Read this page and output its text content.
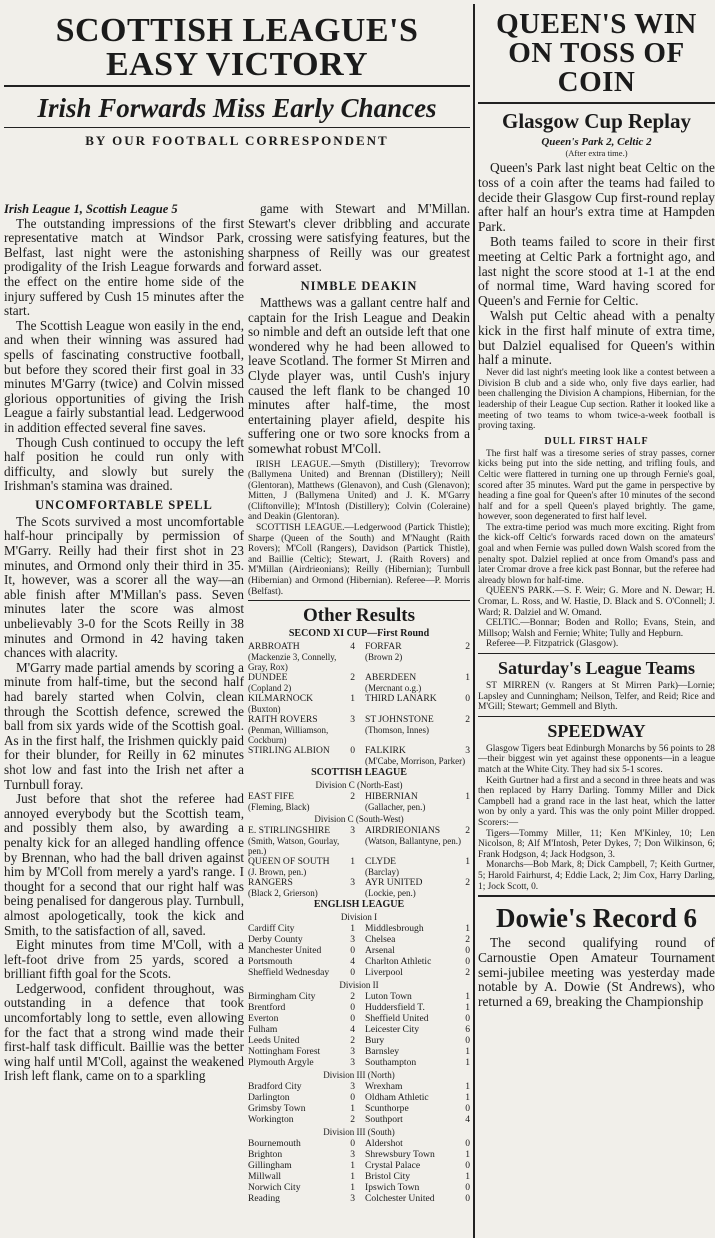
SCOTTISH LEAGUE'S EASY VICTORY
Irish Forwards Miss Early Chances
BY OUR FOOTBALL CORRESPONDENT

Irish League 1, Scottish League 5

The outstanding impressions of the first representative match at Windsor Park, Belfast, last night were the astonishing prodigality of the Irish League forwards and the effect on the entire home side of the injury suffered by Cush 15 minutes after the start.

The Scottish League won easily in the end, and when their winning was assured had spells of fascinating constructive football, but before they scored their first goal in 33 minutes M'Garry (twice) and Colvin missed glorious opportunities of giving the Irish League a fairly substantial lead. Ledgerwood in addition effected several fine saves.

Though Cush continued to occupy the left half position he could run only with difficulty, and slowly but surely the Irishman's stamina was drained.

UNCOMFORTABLE SPELL

The Scots survived a most uncomfortable half-hour principally by permission of M'Garry. Reilly had their first shot in 23 minutes, and Ormond only their third in 35. It, however, was a scorer all the way—an able finish after M'Millan's pass. Seven minutes later the score was almost unbelievably 3-0 for the Scots Reilly in 38 minutes and Ormond in 42 having taken chances with alacrity.

M'Garry made partial amends by scoring a minute from half-time, but the second half had barely started when Colvin, clean through the Scottish defence, screwed the ball from six yards wide of the Scottish goal. As in the first half, the Irishmen quickly paid for their blunder, for Reilly in 62 minutes shot low and fast into the Irish net after a Turnbull foray.

Just before that shot the referee had annoyed everybody but the Scottish team, and possibly them also, by awarding a penalty kick for an alleged handling offence by Brennan, who had the ball driven against him by M'Coll from merely a yard's range. I thought for a second that our right half was being penalised for dangerous play. Turnbull, almost apologetically, took the kick and Smith, to the satisfaction of all, saved.

Eight minutes from time M'Coll, with a left-foot drive from 25 yards, scored a brilliant fifth goal for the Scots.

Ledgerwood, confident throughout, was outstanding in a defence that took uncomfortably long to settle, even allowing for the fact that a strong wind made their first-half task difficult. Baillie was the better wing half until M'Coll, against the weakened Irish left flank, came on to a sparkling

game with Stewart and M'Millan. Stewart's clever dribbling and accurate crossing were satisfying features, but the sharpness of Reilly was our greatest forward asset.

NIMBLE DEAKIN

Matthews was a gallant centre half and captain for the Irish League and Deakin so nimble and deft an outside left that one wondered why he had been allowed to leave Scotland. The former St Mirren and Clyde player was, until Cush's injury caused the left flank to be changed 10 minutes after half-time, the most entertaining player afield, despite his suffering one or two sore knocks from a somewhat robust M'Coll.

IRISH LEAGUE.—Smyth (Distillery); Trevorrow (Ballymena United) and Brennan (Distillery); Neill (Glentoran), Matthews (Glenavon), and Cush (Glenavon); Mitten, J (Ballymena United) and J. K. M'Garry (Cliftonville); M'Intosh (Distillery); Colvin (Coleraine) and Deakin (Glentoran).

SCOTTISH LEAGUE.—Ledgerwood (Partick Thistle); Sharpe (Queen of the South) and M'Naught (Raith Rovers); M'Coll (Rangers), Davidson (Partick Thistle), and Baillie (Celtic); Stewart, J. (Raith Rovers) and M'Millan (Airdrieonians); Reilly (Hibernian); Turnbull (Hibernian) and Ormond (Hibernian). Referee—P. Morris (Belfast).

Other Results
SECOND XI CUP—First Round
ARBROATH	4 FORFAR	2
(Mackenzie 3, Connelly, Gray, Rox)
(Brown 2)
DUNDEE	2 ABERDEEN	1
(Copland 2)	(Mercnant o.g.)
KILMARNOCK	1 THIRD LANARK	0
(Buxton)
RAITH ROVERS	3 ST JOHNSTONE	2
(Penman, Williamson, Cockburn)
(Thomson, Innes)
STIRLING ALBION 0 FALKIRK	3
(M'Cabe, Morrison, Parker)
SCOTTISH LEAGUE
Division C (North-East)
EAST FIFE	2 HIBERNIAN	1
(Fleming, Black)	(Gallacher, pen.)
Division C (South-West)
E. STIRLINGSHIRE 3 AIRDRIEONIANS	2
(Smith, Watson, Gourlay, pen.)
(Watson, Ballantyne, pen.)
QUEEN OF SOUTH 1 CLYDE	1
(J. Brown, pen.)	(Barclay)
RANGERS	3 AYR UNITED	2
(Black 2, Grierson)	(Lockie, pen.)
ENGLISH LEAGUE
Division I
Cardiff City	1 Middlesbrough	1
Derby County	3 Chelsea	2
Manchester United	0 Arsenal	0
Portsmouth	4 Charlton Athletic	0
Sheffield Wednesday 0 Liverpool	2
Division II
Birmingham City	2 Luton Town	1
Brentford	0 Huddersfield T.	1
Everton	0 Sheffield United	0
Fulham	4 Leicester City	6
Leeds United	2 Bury	0
Nottingham Forest	3 Barnsley	1
Plymouth Argyle	3 Southampton	1
Division III (North)
Bradford City	3 Wrexham	1
Darlington	0 Oldham Athletic	1
Grimsby Town	1 Scunthorpe	0
Workington	2 Southport	4
Division III (South)
Bournemouth	0 Aldershot	0
Brighton	3 Shrewsbury Town	1
Gillingham	1 Crystal Palace	0
Millwall	1 Bristol City	1
Norwich City	1 Ipswich Town	0
Reading	3 Colchester United	0
QUEEN'S WIN ON TOSS OF COIN
Glasgow Cup Replay
Queen's Park 2, Celtic 2
(After extra time.)

Queen's Park last night beat Celtic on the toss of a coin after the teams had failed to decide their Glasgow Cup first-round replay after half an hour's extra time at Hampden Park.

Both teams failed to score in their first meeting at Celtic Park a fortnight ago, and last night the score stood at 1-1 at the end of normal time, Ward having scored for Queen's and Fernie for Celtic.

Walsh put Celtic ahead with a penalty kick in the first half minute of extra time, but Dalziel equalised for Queen's within half a minute.

Never did last night's meeting look like a contest between a Division B club and a side who, only five days earlier, had been challenging the Division A champions, Hibernian, for the leadership of their League Cup section. Rather it looked like a meeting of two teams to whom twice-a-week football is proving taxing.

DULL FIRST HALF

The first half was a tiresome series of stray passes, corner kicks being put into the side netting, and trifling fouls, and Celtic were flattered in turning one up through Fernie's goal, scored after 35 minutes. Ward put the game in perspective by heading a fine goal for Queen's after 10 minutes of the second half and for a spell Queen's played brightly. The game, however, soon degenerated to first half level.

The extra-time period was much more exciting. Right from the kick-off Celtic's forwards raced down on the amateurs' goal and when Fernie was pulled down Walsh scored from the penalty spot. Dalziel replied at once from Omand's pass and later Cromar drove a free kick past Bonnar, but the referee had already blown for half-time.

QUEEN'S PARK.—S. F. Weir; G. More and N. Dewar; H. Cromar, L. Ross, and W. Hastie, D. Black and S. O'Connell; J. Ward; R. Dalziel and W. Omand.

CELTIC.—Bonnar; Boden and Rollo; Evans, Stein, and Millsop; Walsh and Fernie; White; Tully and Hepburn.

Referee—P. Fitzpatrick (Glasgow).

Saturday's League Teams

ST MIRREN (v. Rangers at St Mirren Park)—Lornie; Lapsley and Cunningham; Neilson, Telfer, and Reid; Rice and M'Gill; Stewart; Gemmell and Blyth.

SPEEDWAY

Glasgow Tigers beat Edinburgh Monarchs by 56 points to 28—their biggest win yet against these opponents—in a league match at the White City. They had six 5-1 scores.

Keith Gurtner had a first and a second in three heats and was then replaced by Harry Darling. Tommy Miller and Dick Campbell had a grand race in the last heat, which the latter won by only a yard. This was the only point Miller dropped. Scorers:—

Tigers—Tommy Miller, 11; Ken M'Kinley, 10; Len Nicolson, 8; Alf M'Intosh, Peter Dykes, 7; Don Wilkinson, 6; Frank Hodgson, 4; Jack Hodgson, 3.

Monarchs—Bob Mark, 8; Dick Campbell, 7; Keith Gurtner, 5; Harold Fairhurst, 4; Eddie Lack, 2; Jim Cox, Harry Darling, 1; Jock Scott, 0.

Dowie's Record 6

The second qualifying round of Carnoustie Open Amateur Tournament semi-jubilee meeting was yesterday made notable by A. Dowie (St Andrews), who returned a 69, breaking the Championship
